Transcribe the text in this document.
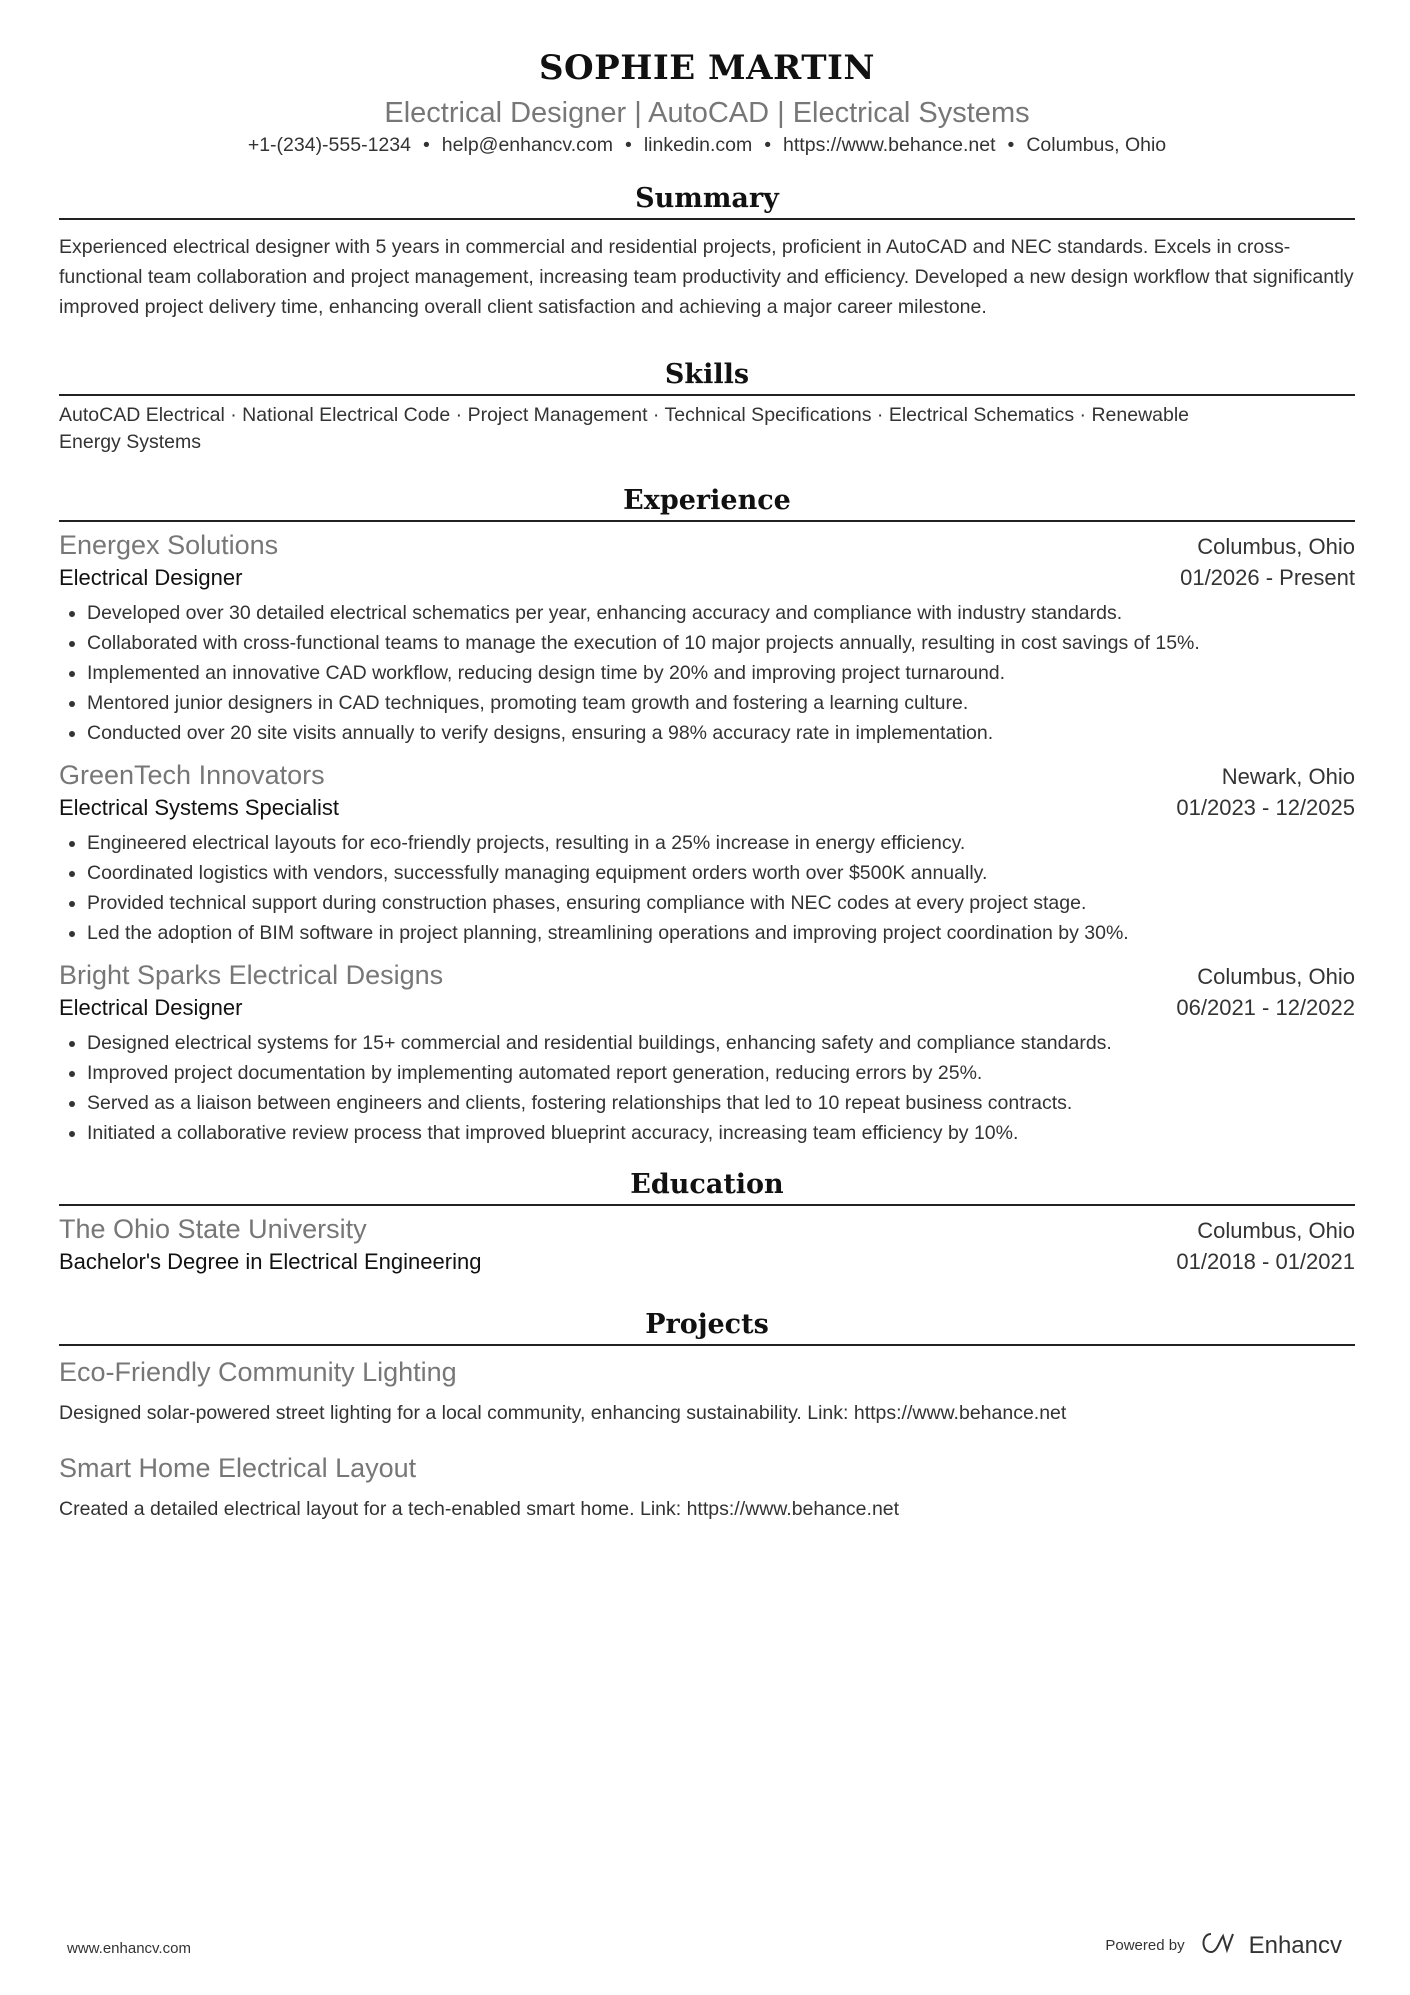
SOPHIE MARTIN
Electrical Designer | AutoCAD | Electrical Systems
+1-(234)-555-1234 • help@enhancv.com • linkedin.com • https://www.behance.net • Columbus, Ohio
Summary
Experienced electrical designer with 5 years in commercial and residential projects, proficient in AutoCAD and NEC standards. Excels in cross-functional team collaboration and project management, increasing team productivity and efficiency. Developed a new design workflow that significantly improved project delivery time, enhancing overall client satisfaction and achieving a major career milestone.
Skills
AutoCAD Electrical · National Electrical Code · Project Management · Technical Specifications · Electrical Schematics · Renewable Energy Systems
Experience
Energex Solutions	Columbus, Ohio
Electrical Designer	01/2026 - Present
• Developed over 30 detailed electrical schematics per year, enhancing accuracy and compliance with industry standards.
• Collaborated with cross-functional teams to manage the execution of 10 major projects annually, resulting in cost savings of 15%.
• Implemented an innovative CAD workflow, reducing design time by 20% and improving project turnaround.
• Mentored junior designers in CAD techniques, promoting team growth and fostering a learning culture.
• Conducted over 20 site visits annually to verify designs, ensuring a 98% accuracy rate in implementation.
GreenTech Innovators	Newark, Ohio
Electrical Systems Specialist	01/2023 - 12/2025
• Engineered electrical layouts for eco-friendly projects, resulting in a 25% increase in energy efficiency.
• Coordinated logistics with vendors, successfully managing equipment orders worth over $500K annually.
• Provided technical support during construction phases, ensuring compliance with NEC codes at every project stage.
• Led the adoption of BIM software in project planning, streamlining operations and improving project coordination by 30%.
Bright Sparks Electrical Designs	Columbus, Ohio
Electrical Designer	06/2021 - 12/2022
• Designed electrical systems for 15+ commercial and residential buildings, enhancing safety and compliance standards.
• Improved project documentation by implementing automated report generation, reducing errors by 25%.
• Served as a liaison between engineers and clients, fostering relationships that led to 10 repeat business contracts.
• Initiated a collaborative review process that improved blueprint accuracy, increasing team efficiency by 10%.
Education
The Ohio State University	Columbus, Ohio
Bachelor's Degree in Electrical Engineering	01/2018 - 01/2021
Projects
Eco-Friendly Community Lighting
Designed solar-powered street lighting for a local community, enhancing sustainability. Link: https://www.behance.net
Smart Home Electrical Layout
Created a detailed electrical layout for a tech-enabled smart home. Link: https://www.behance.net
www.enhancv.com	Powered by	Enhancv
